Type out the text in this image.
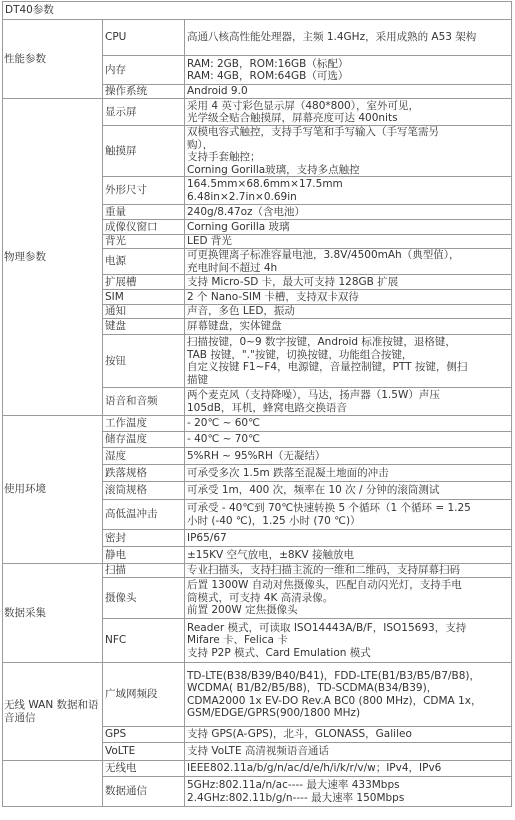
DT40参数		
性能参数	CPU	高通八核高性能处理器，主频 1.4GHz，采用成熟的 A53 架构

	内存	RAM: 2GB，ROM:16GB（标配）
RAM: 4GB，ROM:64GB（可选）

	操作系统	Android 9.0

物理参数	显示屏	采用 4 英寸彩色显示屏（480*800），室外可见，
光学级全贴合触摸屏，屏幕亮度可达 400nits

	触摸屏	双模电容式触控，支持手写笔和手写输入（手写笔需另
购），
支持手套触控；
Corning Gorilla玻璃，支持多点触控

	外形尺寸	164.5mm×68.6mm×17.5mm
6.48in×2.7in×0.69in

	重量	240g/8.47oz（含电池）

	成像仪窗口	Corning Gorilla 玻璃

	背光	LED 背光

	电源	可更换锂离子标准容量电池，3.8V/4500mAh（典型值），
充电时间不超过 4h

	扩展槽	支持 Micro-SD 卡，最大可支持 128GB 扩展

	SIM	2 个 Nano-SIM 卡槽，支持双卡双待

	通知	声音，多色 LED，振动

	键盘	屏幕键盘，实体键盘

	按钮	扫描按键，0~9 数字按键，Android 标准按键，退格键，
TAB 按键，"."按键，切换按键，功能组合按键，
自定义按键 F1~F4，电源键，音量控制键，PTT 按键，侧扫
描键

	语音和音频	两个麦克风（支持降噪），马达，扬声器（1.5W）声压
105dB，耳机，蜂窝电路交换语音

使用环境	工作温度	- 20℃ ~ 60℃

	储存温度	- 40℃ ~ 70℃

	湿度	5%RH ~ 95%RH（无凝结）

	跌落规格	可承受多次 1.5m 跌落至混凝土地面的冲击

	滚筒规格	可承受 1m，400 次，频率在 10 次 / 分钟的滚筒测试

	高低温冲击	可承受 - 40℃到 70℃快速转换 5 个循环（1 个循环 = 1.25
小时 (-40 ℃)，1.25 小时 (70 ℃)）

	密封	IP65/67

	静电	±15KV 空气放电，±8KV 接触放电

数据采集	扫描	专业扫描头，支持扫描主流的一维和二维码，支持屏幕扫码

	摄像头	后置 1300W 自动对焦摄像头，匹配自动闪光灯，支持手电
筒模式，可支持 4K 高清录像。
前置 200W 定焦摄像头

	NFC	Reader 模式，可读取 ISO14443A/B/F，ISO15693，支持
Mifare 卡、Felica 卡
支持 P2P 模式、Card Emulation 模式

无线 WAN 数据和语音通信	广域网频段	TD-LTE(B38/B39/B40/B41)，FDD-LTE(B1/B3/B5/B7/B8)，
WCDMA( B1/B2/B5/B8)，TD-SCDMA(B34/B39)，
CDMA2000 1x EV-DO Rev.A BC0 (800 MHz)，CDMA 1x，
GSM/EDGE/GPRS(900/1800 MHz)

	GPS	支持 GPS(A-GPS)，北斗，GLONASS，Galileo

	VoLTE	支持 VoLTE 高清视频语音通话

	无线电	IEEE802.11a/b/g/n/ac/d/e/h/i/k/r/v/w；IPv4，IPv6

	数据通信	5GHz:802.11a/n/ac---- 最大速率 433Mbps
2.4GHz:802.11b/g/n---- 最大速率 150Mbps
